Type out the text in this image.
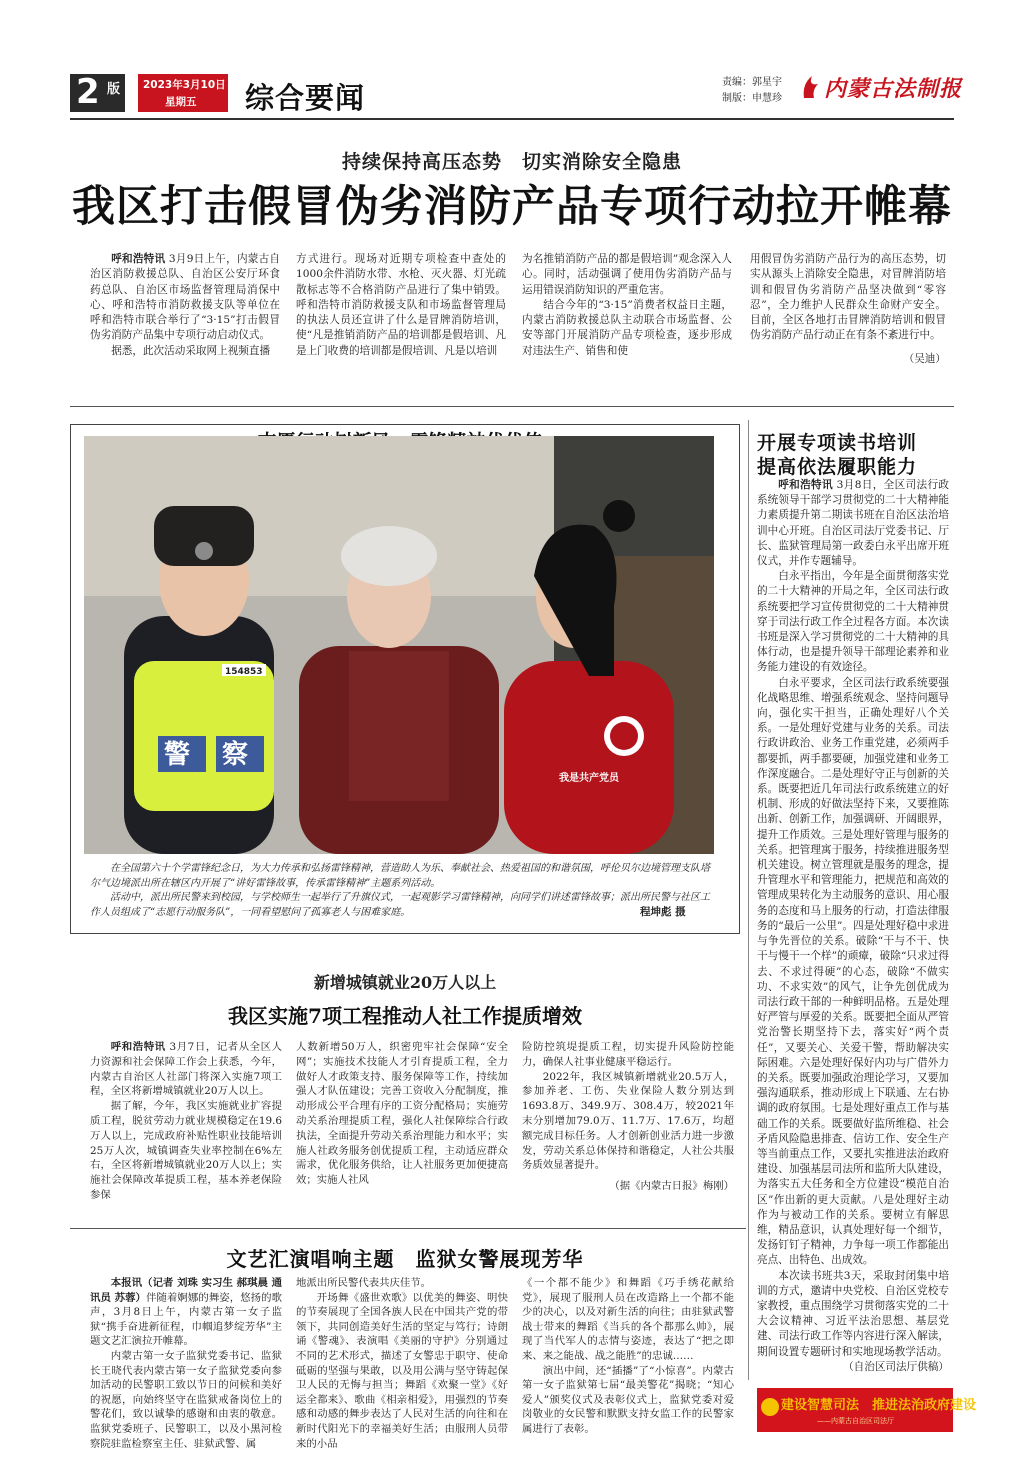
2 版 2023年3月10日
星期五 综合要闻	责编：郭星宇
制版：申慧珍 内蒙古法制报
持续保持高压态势　切实消除安全隐患
我区打击假冒伪劣消防产品专项行动拉开帷幕

呼和浩特讯 3月9日上午，内蒙古自治区消防救援总队、自治区公安厅环食药总队、自治区市场监督管理局消保中心、呼和浩特市消防救援支队等单位在呼和浩特市联合举行了“3·15”打击假冒伪劣消防产品集中专项行动启动仪式。

据悉，此次活动采取网上视频直播

方式进行。现场对近期专项检查中查处的1000余件消防水带、水枪、灭火器、灯光疏散标志等不合格消防产品进行了集中销毁。呼和浩特市消防救援支队和市场监督管理局的执法人员还宣讲了什么是冒牌消防培训，使“凡是推销消防产品的培训都是假培训、凡是上门收费的培训都是假培训、凡是以培训

为名推销消防产品的都是假培训”观念深入人心。同时，活动强调了使用伪劣消防产品与运用错误消防知识的严重危害。

结合今年的“3·15”消费者权益日主题，内蒙古消防救援总队主动联合市场监督、公安等部门开展消防产品专项检查，逐步形成对违法生产、销售和使

用假冒伪劣消防产品行为的高压态势，切实从源头上消除安全隐患，对冒牌消防培训和假冒伪劣消防产品坚决做到“零容忍”，全力维护人民群众生命财产安全。目前，全区各地打击冒牌消防培训和假冒伪劣消防产品行动正在有条不紊进行中。

（吴迪）
警 察
154853
我是共产党员

在全国第六十个学雷锋纪念日，为大力传承和弘扬雷锋精神，营造助人为乐、奉献社会、热爱祖国的和谐氛围，呼伦贝尔边境管理支队塔尔气边境派出所在辖区内开展了“讲好雷锋故事，传承雷锋精神”主题系列活动。

活动中，派出所民警来到校园，与学校师生一起举行了升旗仪式，一起观影学习雷锋精神，向同学们讲述雷锋故事；派出所民警与社区工作人员组成了“志愿行动服务队”，一同看望慰问了孤寡老人与困难家庭。	程坤彪 摄
开展专项读书培训
提高依法履职能力

呼和浩特讯 3月8日，全区司法行政系统领导干部学习贯彻党的二十大精神能力素质提升第二期读书班在自治区法治培训中心开班。自治区司法厅党委书记、厅长、监狱管理局第一政委白永平出席开班仪式，并作专题辅导。

白永平指出，今年是全面贯彻落实党的二十大精神的开局之年，全区司法行政系统要把学习宣传贯彻党的二十大精神贯穿于司法行政工作全过程各方面。本次读书班是深入学习贯彻党的二十大精神的具体行动，也是提升领导干部理论素养和业务能力建设的有效途径。

白永平要求，全区司法行政系统要强化战略思维、增强系统观念、坚持问题导向，强化实干担当，正确处理好八个关系。一是处理好党建与业务的关系。司法行政讲政治、业务工作重党建，必须两手都要抓，两手都要硬，加强党建和业务工作深度融合。二是处理好守正与创新的关系。既要把近几年司法行政系统建立的好机制、形成的好做法坚持下来，又要推陈出新、创新工作，加强调研、开阔眼界，提升工作质效。三是处理好管理与服务的关系。把管理寓于服务，持续推进服务型机关建设。树立管理就是服务的理念，提升管理水平和管理能力，把规范和高效的管理成果转化为主动服务的意识、用心服务的态度和马上服务的行动，打造法律服务的“最后一公里”。四是处理好稳中求进与争先晋位的关系。破除“干与不干、快干与慢干一个样”的顽瘴，破除“只求过得去、不求过得硬”的心态，破除“不做实功、不求实效”的风气，让争先创优成为司法行政干部的一种鲜明品格。五是处理好严管与厚爱的关系。既要把全面从严管党治警长期坚持下去，落实好“两个责任”，又要关心、关爱干警，帮助解决实际困难。六是处理好保好内功与广借外力的关系。既要加强政治理论学习，又要加强沟通联系，推动形成上下联通、左右协调的政府氛围。七是处理好重点工作与基础工作的关系。既要做好监所维稳、社会矛盾风险隐患排查、信访工作、安全生产等当前重点工作，又要扎实推进法治政府建设、加强基层司法所和监所大队建设，为落实五大任务和全方位建设“模范自治区”作出新的更大贡献。八是处理好主动作为与被动工作的关系。要树立有解思维，精品意识，认真处理好每一个细节，发扬钉钉子精神，力争每一项工作都能出亮点、出特色、出成效。

本次读书班共3天，采取封闭集中培训的方式，邀请中央党校、自治区党校专家教授，重点围绕学习贯彻落实党的二十大会议精神、习近平法治思想、基层党建、司法行政工作等内容进行深入解读，期间设置专题研讨和实地现场教学活动。

（自治区司法厅供稿）
新增城镇就业20万人以上
我区实施7项工程推动人社工作提质增效

呼和浩特讯 3月7日，记者从全区人力资源和社会保障工作会上获悉，今年，内蒙古自治区人社部门将深入实施7项工程，全区将新增城镇就业20万人以上。

据了解，今年，我区实施就业扩容提质工程，脱贫劳动力就业规模稳定在19.6万人以上，完成政府补贴性职业技能培训25万人次，城镇调查失业率控制在6%左右，全区将新增城镇就业20万人以上；实施社会保障改革提质工程，基本养老保险参保

人数新增50万人，织密兜牢社会保障“安全网”；实施技术技能人才引育提质工程，全力做好人才政策支持、服务保障等工作，持续加强人才队伍建设；完善工资收入分配制度，推动形成公平合理有序的工资分配格局；实施劳动关系治理提质工程，强化人社保障综合行政执法，全面提升劳动关系治理能力和水平；实施人社政务服务创优提质工程，主动适应群众需求，优化服务供给，让人社服务更加便捷高效；实施人社风

险防控筑堤提质工程，切实提升风险防控能力，确保人社事业健康平稳运行。

2022年，我区城镇新增就业20.5万人，参加养老、工伤、失业保险人数分别达到1693.8万、349.9万、308.4万，较2021年末分别增加79.0万、11.7万、17.6万，均超额完成目标任务。人才创新创业活力进一步激发，劳动关系总体保持和谐稳定，人社公共服务质效显著提升。

（据《内蒙古日报》梅刚）
文艺汇演唱响主题　监狱女警展现芳华

本报讯（记者 刘珠 实习生 郝琪晨 通讯员 苏蓉）伴随着婀娜的舞姿，悠扬的歌声，3月8日上午，内蒙古第一女子监狱“携手奋进新征程，巾帼追梦绽芳华”主题文艺汇演拉开帷幕。

内蒙古第一女子监狱党委书记、监狱长王晓代表内蒙古第一女子监狱党委向参加活动的民警职工致以节日的问候和美好的祝愿，向始终坚守在监狱戒备岗位上的警花们，致以诚挚的感谢和由衷的敬意。监狱党委班子、民警职工，以及小黑河检察院驻监检察室主任、驻狱武警、属

地派出所民警代表共庆佳节。

开场舞《盛世欢歌》以优美的舞姿、明快的节奏展现了全国各族人民在中国共产党的带领下，共同创造美好生活的坚定与笃行；诗朗诵《警魂》、表演唱《美丽的守护》分别通过不同的艺术形式，描述了女警忠于职守、使命砥砺的坚强与果敢，以及用公满与坚守铸起保卫人民的无悔与担当；舞蹈《欢聚一堂》《好运全都来》、歌曲《相亲相爱》，用强烈的节奏感和动感的舞步表达了人民对生活的向往和在新时代阳光下的幸福美好生活；由服刑人员带来的小品

《一个都不能少》和舞蹈《巧手绣花献给党》，展现了服刑人员在改造路上一个都不能少的决心，以及对新生活的向往；由驻狱武警战士带来的舞蹈《当兵的各个都那么帅》，展现了当代军人的志情与姿迹，表达了“把之即来、来之能战、战之能胜”的忠诚……

演出中间，还“插播”了“小惊喜”。内蒙古第一女子监狱第七届“最美警花”揭晓；“知心爱人”颁奖仪式及表彰仪式上，监狱党委对爱岗敬业的女民警和默默支持女监工作的民警家属进行了表彰。

建设智慧司法　推进法治政府建设
——内蒙古自治区司法厅
